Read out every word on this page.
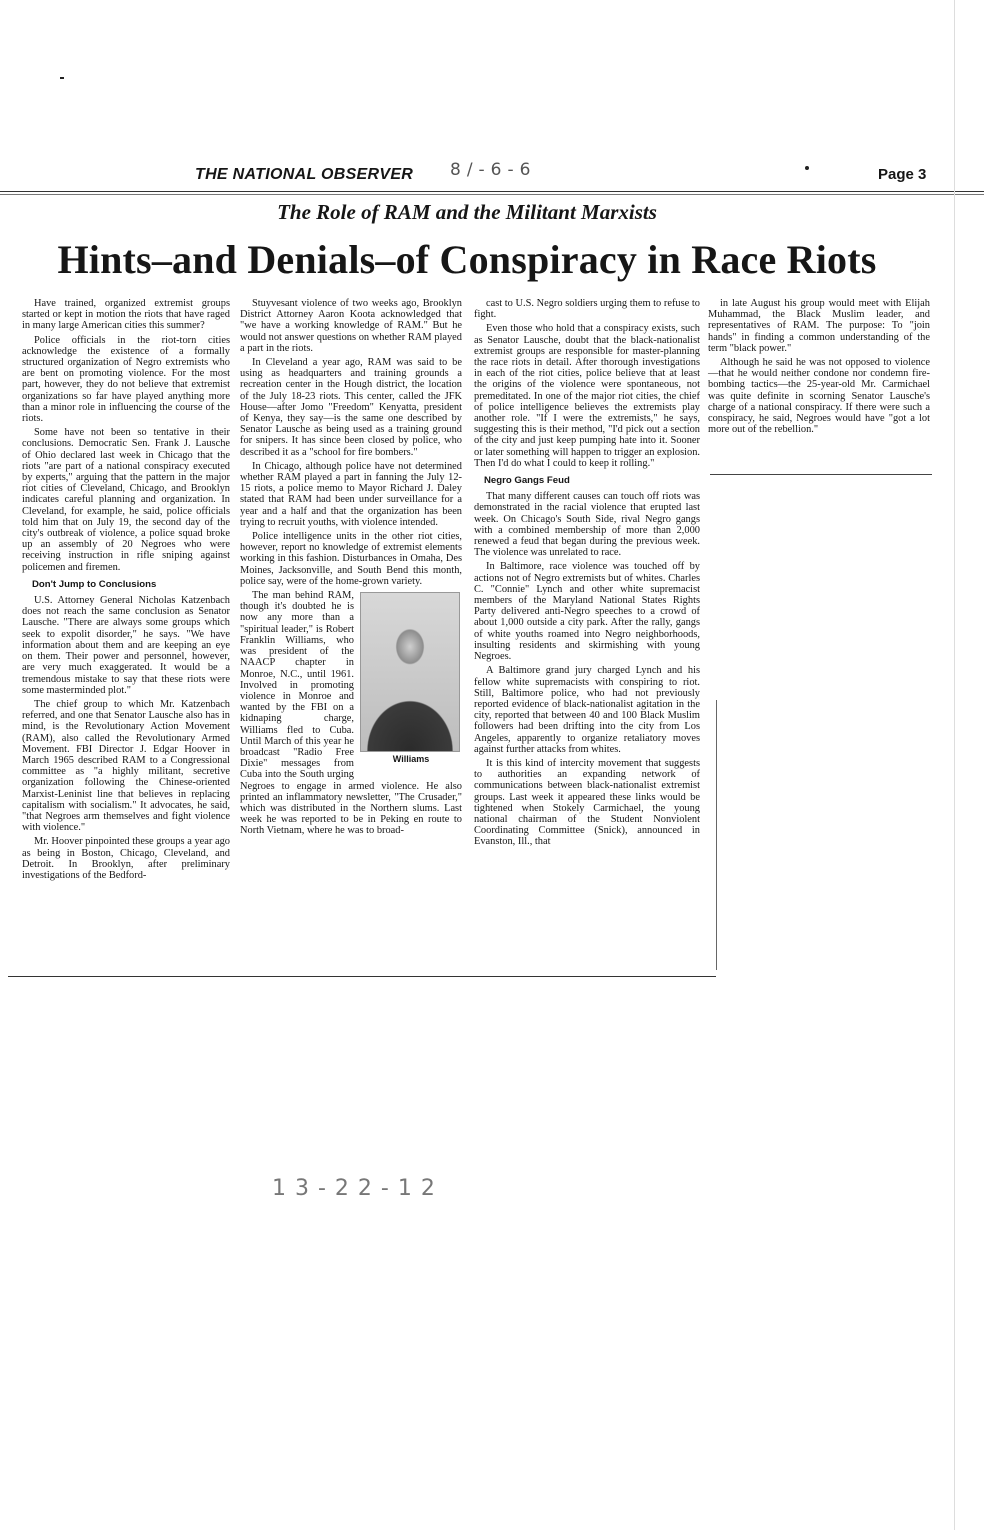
THE NATIONAL OBSERVER 8/-6-6	Page 3
The Role of RAM and the Militant Marxists
Hints–and Denials–of Conspiracy in Race Riots

Have trained, organized extremist groups started or kept in motion the riots that have raged in many large American cities this summer?

Police officials in the riot-torn cities acknowledge the existence of a formally structured organization of Negro extremists who are bent on promoting violence. For the most part, however, they do not believe that extremist organizations so far have played anything more than a minor role in influencing the course of the riots.

Some have not been so tentative in their conclusions. Democratic Sen. Frank J. Lausche of Ohio declared last week in Chicago that the riots "are part of a national conspiracy executed by experts," arguing that the pattern in the major riot cities of Cleveland, Chicago, and Brooklyn indicates careful planning and organization. In Cleveland, for example, he said, police officials told him that on July 19, the second day of the city's outbreak of violence, a police squad broke up an assembly of 20 Negroes who were receiving instruction in rifle sniping against policemen and firemen.

Don't Jump to Conclusions

U.S. Attorney General Nicholas Katzenbach does not reach the same conclusion as Senator Lausche. "There are always some groups which seek to expolit disorder," he says. "We have information about them and are keeping an eye on them. Their power and personnel, however, are very much exaggerated. It would be a tremendous mistake to say that these riots were some masterminded plot."

The chief group to which Mr. Katzenbach referred, and one that Senator Lausche also has in mind, is the Revolutionary Action Movement (RAM), also called the Revolutionary Armed Movement. FBI Director J. Edgar Hoover in March 1965 described RAM to a Congressional committee as "a highly militant, secretive organization following the Chinese-oriented Marxist-Leninist line that believes in replacing capitalism with socialism." It advocates, he said, "that Negroes arm themselves and fight violence with violence."

Mr. Hoover pinpointed these groups a year ago as being in Boston, Chicago, Cleveland, and Detroit. In Brooklyn, after preliminary investigations of the Bedford-

Stuyvesant violence of two weeks ago, Brooklyn District Attorney Aaron Koota acknowledged that "we have a working knowledge of RAM." But he would not answer questions on whether RAM played a part in the riots.

In Cleveland a year ago, RAM was said to be using as headquarters and training grounds a recreation center in the Hough district, the location of the July 18-23 riots. This center, called the JFK House—after Jomo "Freedom" Kenyatta, president of Kenya, they say—is the same one described by Senator Lausche as being used as a training ground for snipers. It has since been closed by police, who described it as a "school for fire bombers."

In Chicago, although police have not determined whether RAM played a part in fanning the July 12-15 riots, a police memo to Mayor Richard J. Daley stated that RAM had been under surveillance for a year and a half and that the organization has been trying to recruit youths, with violence intended.

Police intelligence units in the other riot cities, however, report no knowledge of extremist elements working in this fashion. Disturbances in Omaha, Des Moines, Jacksonville, and South Bend this month, police say, were of the home-grown variety.

Williams

The man behind RAM, though it's doubted he is now any more than a "spiritual leader," is Robert Franklin Williams, who was president of the NAACP chapter in Monroe, N.C., until 1961. Involved in promoting violence in Monroe and wanted by the FBI on a kidnaping charge, Williams fled to Cuba. Until March of this year he broadcast "Radio Free Dixie" messages from Cuba into the South urging Negroes to engage in armed violence. He also printed an inflammatory newsletter, "The Crusader," which was distributed in the Northern slums. Last week he was reported to be in Peking en route to North Vietnam, where he was to broad-

cast to U.S. Negro soldiers urging them to refuse to fight.

Even those who hold that a conspiracy exists, such as Senator Lausche, doubt that the black-nationalist extremist groups are responsible for master-planning the race riots in detail. After thorough investigations in each of the riot cities, police believe that at least the origins of the violence were spontaneous, not premeditated. In one of the major riot cities, the chief of police intelligence believes the extremists play another role. "If I were the extremists," he says, suggesting this is their method, "I'd pick out a section of the city and just keep pumping hate into it. Sooner or later something will happen to trigger an explosion. Then I'd do what I could to keep it rolling."

Negro Gangs Feud

That many different causes can touch off riots was demonstrated in the racial violence that erupted last week. On Chicago's South Side, rival Negro gangs with a combined membership of more than 2,000 renewed a feud that began during the previous week. The violence was unrelated to race.

In Baltimore, race violence was touched off by actions not of Negro extremists but of whites. Charles C. "Connie" Lynch and other white supremacist members of the Maryland National States Rights Party delivered anti-Negro speeches to a crowd of about 1,000 outside a city park. After the rally, gangs of white youths roamed into Negro neighborhoods, insulting residents and skirmishing with young Negroes.

A Baltimore grand jury charged Lynch and his fellow white supremacists with conspiring to riot. Still, Baltimore police, who had not previously reported evidence of black-nationalist agitation in the city, reported that between 40 and 100 Black Muslim followers had been drifting into the city from Los Angeles, apparently to organize retaliatory moves against further attacks from whites.

It is this kind of intercity movement that suggests to authorities an expanding network of communications between black-nationalist extremist groups. Last week it appeared these links would be tightened when Stokely Carmichael, the young national chairman of the Student Nonviolent Coordinating Committee (Snick), announced in Evanston, Ill., that

in late August his group would meet with Elijah Muhammad, the Black Muslim leader, and representatives of RAM. The purpose: To "join hands" in finding a common understanding of the term "black power."

Although he said he was not opposed to violence—that he would neither condone nor condemn fire-bombing tactics—the 25-year-old Mr. Carmichael was quite definite in scorning Senator Lausche's charge of a national conspiracy. If there were such a conspiracy, he said, Negroes would have "got a lot more out of the rebellion."

13-22-12
